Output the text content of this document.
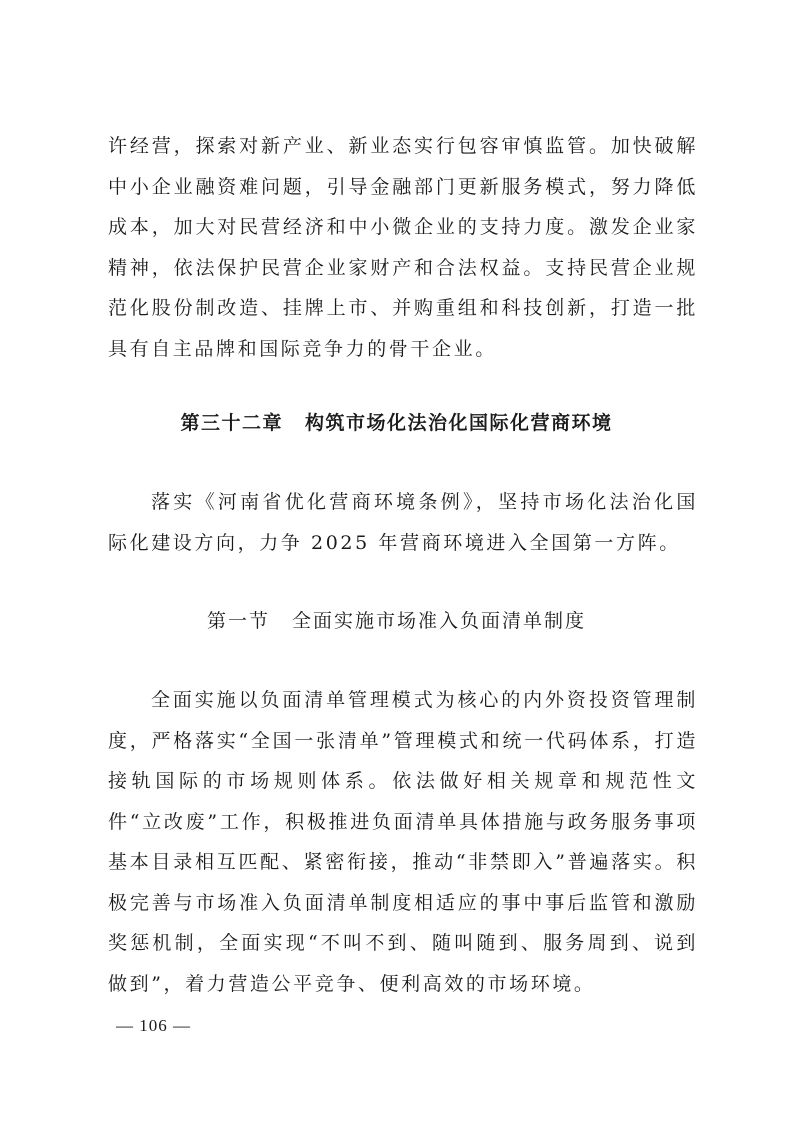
许经营，探索对新产业、新业态实行包容审慎监管。加快破解中小企业融资难问题，引导金融部门更新服务模式，努力降低成本，加大对民营经济和中小微企业的支持力度。激发企业家精神，依法保护民营企业家财产和合法权益。支持民营企业规范化股份制改造、挂牌上市、并购重组和科技创新，打造一批具有自主品牌和国际竞争力的骨干企业。

第三十二章 构筑市场化法治化国际化营商环境

落实《河南省优化营商环境条例》，坚持市场化法治化国际化建设方向，力争 2025 年营商环境进入全国第一方阵。

第一节 全面实施市场准入负面清单制度

全面实施以负面清单管理模式为核心的内外资投资管理制度，严格落实“全国一张清单”管理模式和统一代码体系，打造接轨国际的市场规则体系。依法做好相关规章和规范性文件“立改废”工作，积极推进负面清单具体措施与政务服务事项基本目录相互匹配、紧密衔接，推动“非禁即入”普遍落实。积极完善与市场准入负面清单制度相适应的事中事后监管和激励奖惩机制，全面实现“不叫不到、随叫随到、服务周到、说到做到”，着力营造公平竞争、便利高效的市场环境。

— 106 —
